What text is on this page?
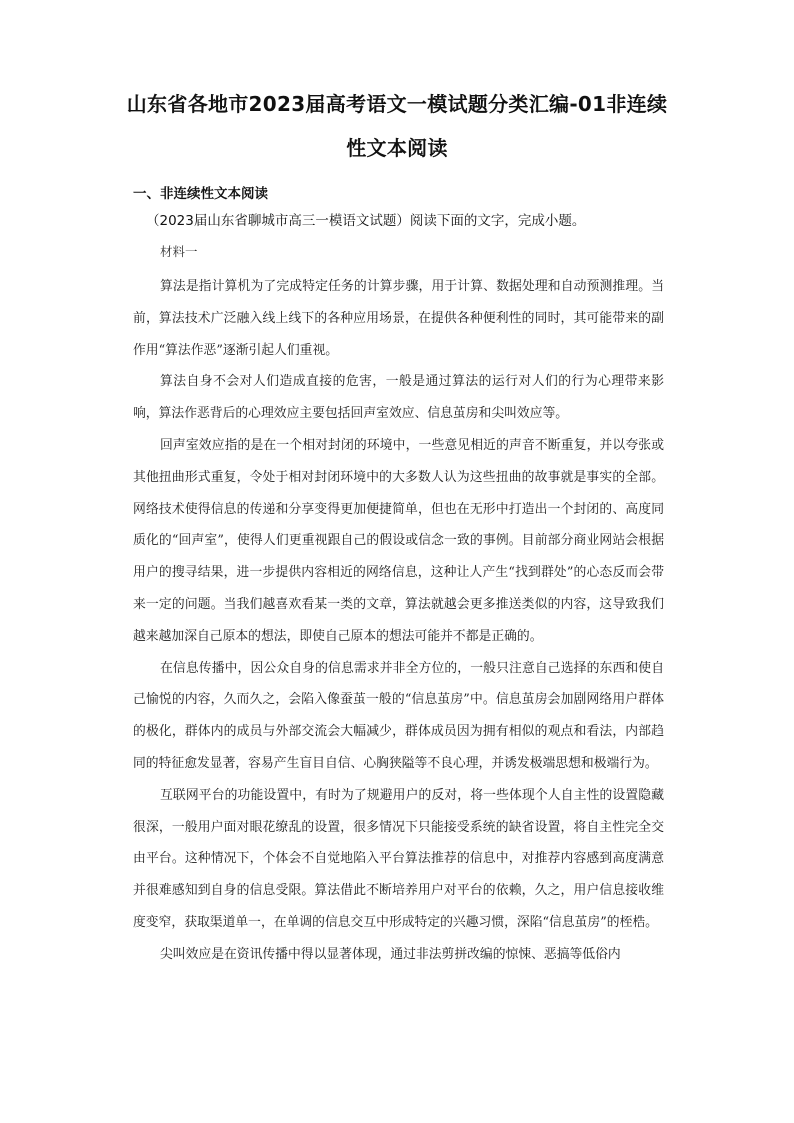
山东省各地市2023届高考语文一模试题分类汇编-01非连续
性文本阅读
一、非连续性文本阅读
（2023届山东省聊城市高三一模语文试题）阅读下面的文字，完成小题。
材料一

算法是指计算机为了完成特定任务的计算步骤，用于计算、数据处理和自动预测推理。当前，算法技术广泛融入线上线下的各种应用场景，在提供各种便利性的同时，其可能带来的副作用“算法作恶”逐渐引起人们重视。

算法自身不会对人们造成直接的危害，一般是通过算法的运行对人们的行为心理带来影响，算法作恶背后的心理效应主要包括回声室效应、信息茧房和尖叫效应等。

回声室效应指的是在一个相对封闭的环境中，一些意见相近的声音不断重复，并以夸张或其他扭曲形式重复，令处于相对封闭环境中的大多数人认为这些扭曲的故事就是事实的全部。网络技术使得信息的传递和分享变得更加便捷简单，但也在无形中打造出一个封闭的、高度同质化的“回声室”，使得人们更重视跟自己的假设或信念一致的事例。目前部分商业网站会根据用户的搜寻结果，进一步提供内容相近的网络信息，这种让人产生“找到群处”的心态反而会带来一定的问题。当我们越喜欢看某一类的文章，算法就越会更多推送类似的内容，这导致我们越来越加深自己原本的想法，即使自己原本的想法可能并不都是正确的。

在信息传播中，因公众自身的信息需求并非全方位的，一般只注意自己选择的东西和使自己愉悦的内容，久而久之，会陷入像蚕茧一般的“信息茧房”中。信息茧房会加剧网络用户群体的极化，群体内的成员与外部交流会大幅减少，群体成员因为拥有相似的观点和看法，内部趋同的特征愈发显著，容易产生盲目自信、心胸狭隘等不良心理，并诱发极端思想和极端行为。

互联网平台的功能设置中，有时为了规避用户的反对，将一些体现个人自主性的设置隐藏很深，一般用户面对眼花缭乱的设置，很多情况下只能接受系统的缺省设置，将自主性完全交由平台。这种情况下，个体会不自觉地陷入平台算法推荐的信息中，对推荐内容感到高度满意并很难感知到自身的信息受限。算法借此不断培养用户对平台的依赖，久之，用户信息接收维度变窄，获取渠道单一，在单调的信息交互中形成特定的兴趣习惯，深陷“信息茧房”的桎梏。

尖叫效应是在资讯传播中得以显著体现，通过非法剪拼改编的惊悚、恶搞等低俗内
